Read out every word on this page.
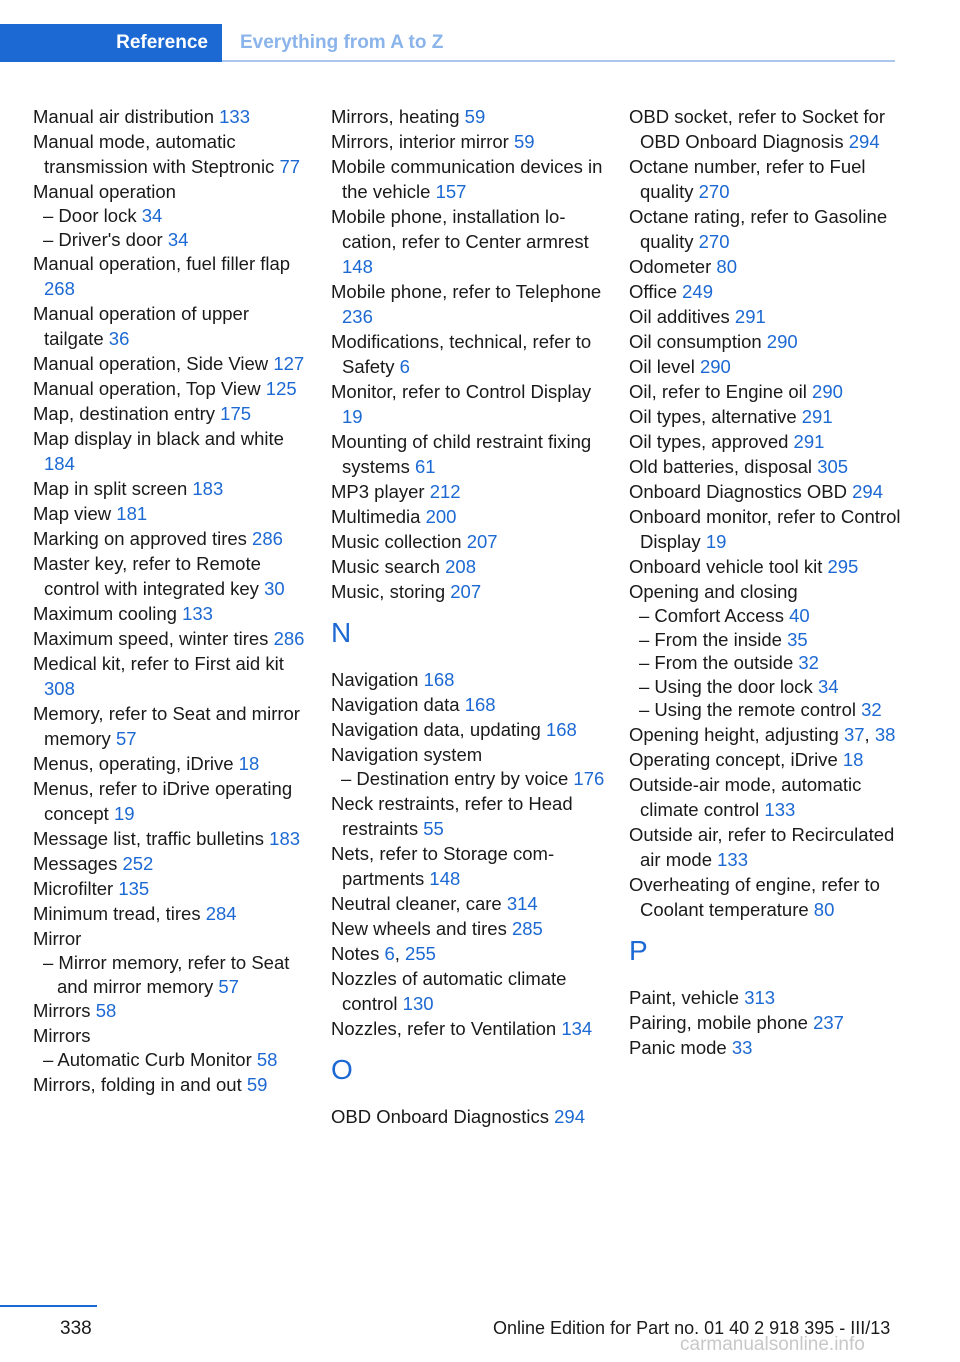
Reference Everything from A to Z
Manual air distribution 133
Manual mode, automatic transmission with Steptronic 77
Manual operation
– Door lock 34
– Driver's door 34
Manual operation, fuel filler flap 268
Manual operation of upper tailgate 36
Manual operation, Side View 127
Manual operation, Top View 125
Map, destination entry 175
Map display in black and white 184
Map in split screen 183
Map view 181
Marking on approved tires 286
Master key, refer to Remote control with integrated key 30
Maximum cooling 133
Maximum speed, winter tires 286
Medical kit, refer to First aid kit 308
Memory, refer to Seat and mirror memory 57
Menus, operating, iDrive 18
Menus, refer to iDrive operating concept 19
Message list, traffic bulletins 183
Messages 252
Microfilter 135
Minimum tread, tires 284
Mirror
– Mirror memory, refer to Seat and mirror memory 57
Mirrors 58
Mirrors
– Automatic Curb Monitor 58
Mirrors, folding in and out 59
Mirrors, heating 59
Mirrors, interior mirror 59
Mobile communication devices in the vehicle 157
Mobile phone, installation location, refer to Center armrest 148
Mobile phone, refer to Telephone 236
Modifications, technical, refer to Safety 6
Monitor, refer to Control Display 19
Mounting of child restraint fixing systems 61
MP3 player 212
Multimedia 200
Music collection 207
Music search 208
Music, storing 207
N
Navigation 168
Navigation data 168
Navigation data, updating 168
Navigation system
– Destination entry by voice 176
Neck restraints, refer to Head restraints 55
Nets, refer to Storage compartments 148
Neutral cleaner, care 314
New wheels and tires 285
Notes 6, 255
Nozzles of automatic climate control 130
Nozzles, refer to Ventilation 134
O
OBD Onboard Diagnostics 294
OBD socket, refer to Socket for OBD Onboard Diagnosis 294
Octane number, refer to Fuel quality 270
Octane rating, refer to Gasoline quality 270
Odometer 80
Office 249
Oil additives 291
Oil consumption 290
Oil level 290
Oil, refer to Engine oil 290
Oil types, alternative 291
Oil types, approved 291
Old batteries, disposal 305
Onboard Diagnostics OBD 294
Onboard monitor, refer to Control Display 19
Onboard vehicle tool kit 295
Opening and closing
– Comfort Access 40
– From the inside 35
– From the outside 32
– Using the door lock 34
– Using the remote control 32
Opening height, adjusting 37, 38
Operating concept, iDrive 18
Outside-air mode, automatic climate control 133
Outside air, refer to Recirculated air mode 133
Overheating of engine, refer to Coolant temperature 80
P
Paint, vehicle 313
Pairing, mobile phone 237
Panic mode 33
338	Online Edition for Part no. 01 40 2 918 395 - III/13
carmanualsonline.info
